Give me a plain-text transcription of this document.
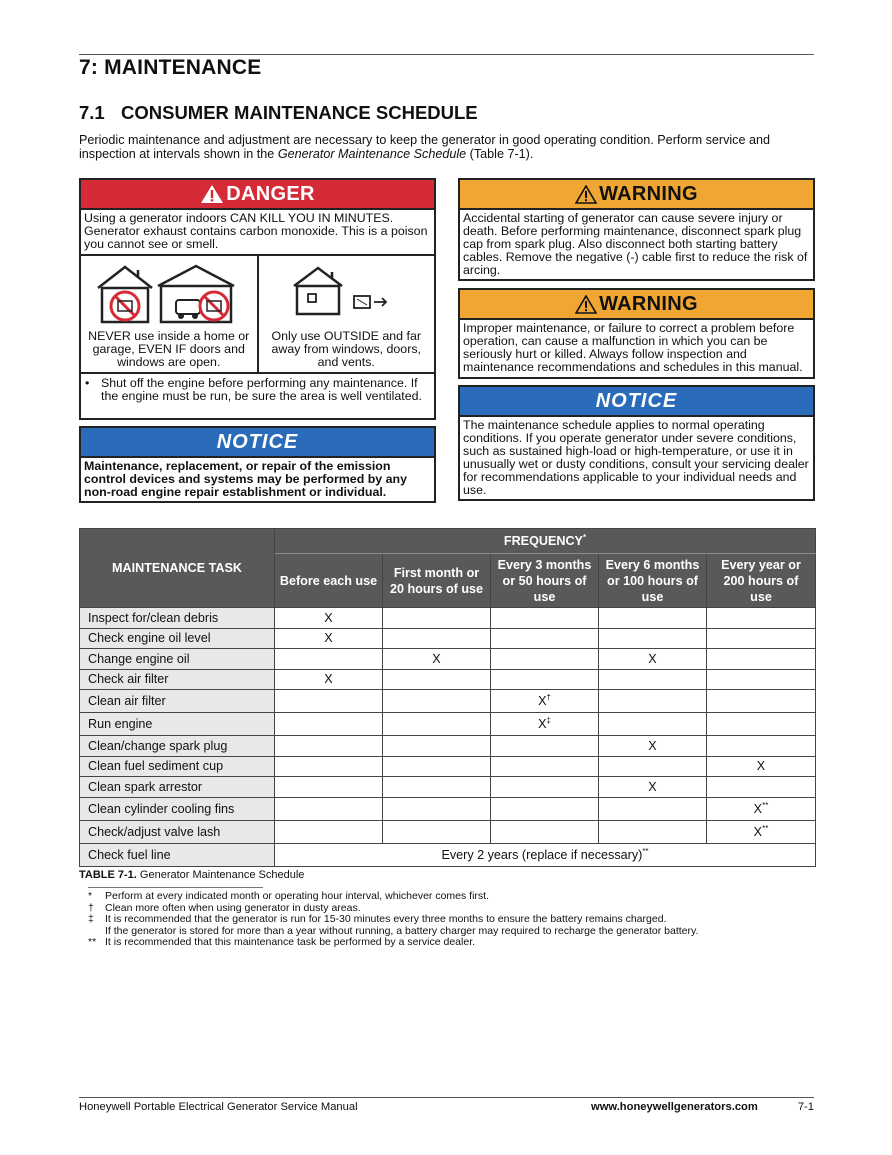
7: MAINTENANCE
7.1 CONSUMER MAINTENANCE SCHEDULE
Periodic maintenance and adjustment are necessary to keep the generator in good operating condition. Perform service and inspection at intervals shown in the Generator Maintenance Schedule (Table 7-1).
DANGER
Using a generator indoors CAN KILL YOU IN MINUTES. Generator exhaust contains carbon monoxide. This is a poison you cannot see or smell.
NEVER use inside a home or garage, EVEN IF doors and windows are open.
Only use OUTSIDE and far away from windows, doors, and vents.
• Shut off the engine before performing any maintenance. If the engine must be run, be sure the area is well ventilated.
NOTICE
Maintenance, replacement, or repair of the emission control devices and systems may be performed by any non-road engine repair establishment or individual.
WARNING
Accidental starting of generator can cause severe injury or death. Before performing maintenance, disconnect spark plug cap from spark plug. Also disconnect both starting battery cables. Remove the negative (-) cable first to reduce the risk of arcing.
WARNING
Improper maintenance, or failure to correct a problem before operation, can cause a malfunction in which you can be seriously hurt or killed. Always follow inspection and maintenance recommendations and schedules in this manual.
NOTICE
The maintenance schedule applies to normal operating conditions. If you operate generator under severe conditions, such as sustained high-load or high-temperature, or use it in unusually wet or dusty conditions, consult your servicing dealer for recommendations applicable to your individual needs and use.
MAINTENANCE TASK	FREQUENCY*
	Before each use	First month or 20 hours of use	Every 3 months or 50 hours of use	Every 6 months or 100 hours of use	Every year or 200 hours of use
Inspect for/clean debris	X				
Check engine oil level	X				
Change engine oil		X		X	
Check air filter	X				
Clean air filter			X†		
Run engine			X‡		
Clean/change spark plug				X	
Clean fuel sediment cup					X
Clean spark arrestor				X	
Clean cylinder cooling fins					X**
Check/adjust valve lash					X**
Check fuel line	Every 2 years (replace if necessary)**
TABLE 7-1. Generator Maintenance Schedule
*	Perform at every indicated month or operating hour interval, whichever comes first.
†	Clean more often when using generator in dusty areas.
‡	It is recommended that the generator is run for 15-30 minutes every three months to ensure the battery remains charged.
If the generator is stored for more than a year without running, a battery charger may required to recharge the generator battery.
** It is recommended that this maintenance task be performed by a service dealer.
Honeywell Portable Electrical Generator Service Manual	www.honeywellgenerators.com	7-1
